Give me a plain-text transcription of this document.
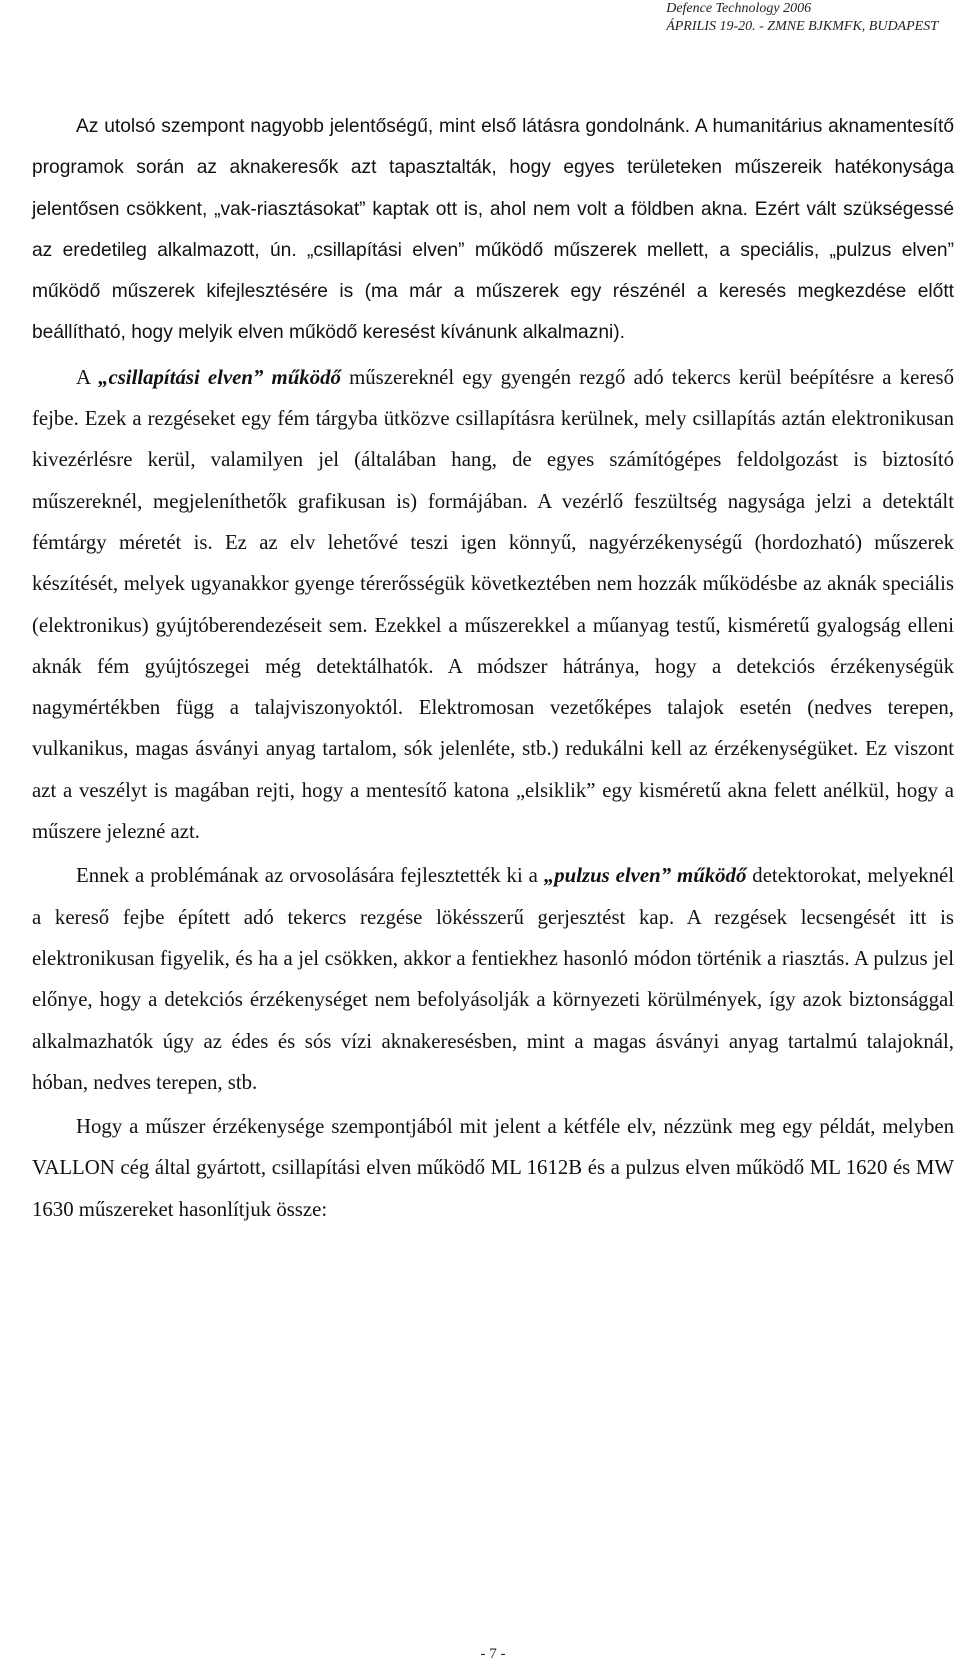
Defence Technology 2006
ÁPRILIS 19-20. - ZMNE BJKMFK, BUDAPEST

Az utolsó szempont nagyobb jelentőségű, mint első látásra gondolnánk. A humanitárius aknamentesítő programok során az aknakeresők azt tapasztalták, hogy egyes területeken műszereik hatékonysága jelentősen csökkent, „vak-riasztásokat” kaptak ott is, ahol nem volt a földben akna. Ezért vált szükségessé az eredetileg alkalmazott, ún. „csillapítási elven” működő műszerek mellett, a speciális, „pulzus elven” működő műszerek kifejlesztésére is (ma már a műszerek egy részénél a keresés megkezdése előtt beállítható, hogy melyik elven működő keresést kívánunk alkalmazni).

A „csillapítási elven” működő műszereknél egy gyengén rezgő adó tekercs kerül beépítésre a kereső fejbe. Ezek a rezgéseket egy fém tárgyba ütközve csillapításra kerülnek, mely csillapítás aztán elektronikusan kivezérlésre kerül, valamilyen jel (általában hang, de egyes számítógépes feldolgozást is biztosító műszereknél, megjeleníthetők grafikusan is) formájában. A vezérlő feszültség nagysága jelzi a detektált fémtárgy méretét is. Ez az elv lehetővé teszi igen könnyű, nagyérzékenységű (hordozható) műszerek készítését, melyek ugyanakkor gyenge térerősségük következtében nem hozzák működésbe az aknák speciális (elektronikus) gyújtóberendezéseit sem. Ezekkel a műszerekkel a műanyag testű, kisméretű gyalogság elleni aknák fém gyújtószegei még detektálhatók. A módszer hátránya, hogy a detekciós érzékenységük nagymértékben függ a talajviszonyoktól. Elektromosan vezetőképes talajok esetén (nedves terepen, vulkanikus, magas ásványi anyag tartalom, sók jelenléte, stb.) redukálni kell az érzékenységüket. Ez viszont azt a veszélyt is magában rejti, hogy a mentesítő katona „elsiklik” egy kisméretű akna felett anélkül, hogy a műszere jelezné azt.

Ennek a problémának az orvosolására fejlesztették ki a „pulzus elven” működő detektorokat, melyeknél a kereső fejbe épített adó tekercs rezgése lökésszerű gerjesztést kap. A rezgések lecsengését itt is elektronikusan figyelik, és ha a jel csökken, akkor a fentiekhez hasonló módon történik a riasztás. A pulzus jel előnye, hogy a detekciós érzékenységet nem befolyásolják a környezeti körülmények, így azok biztonsággal alkalmazhatók úgy az édes és sós vízi aknakeresésben, mint a magas ásványi anyag tartalmú talajoknál, hóban, nedves terepen, stb.

Hogy a műszer érzékenysége szempontjából mit jelent a kétféle elv, nézzünk meg egy példát, melyben VALLON cég által gyártott, csillapítási elven működő ML 1612B és a pulzus elven működő ML 1620 és MW 1630 műszereket hasonlítjuk össze:

- 7 -
